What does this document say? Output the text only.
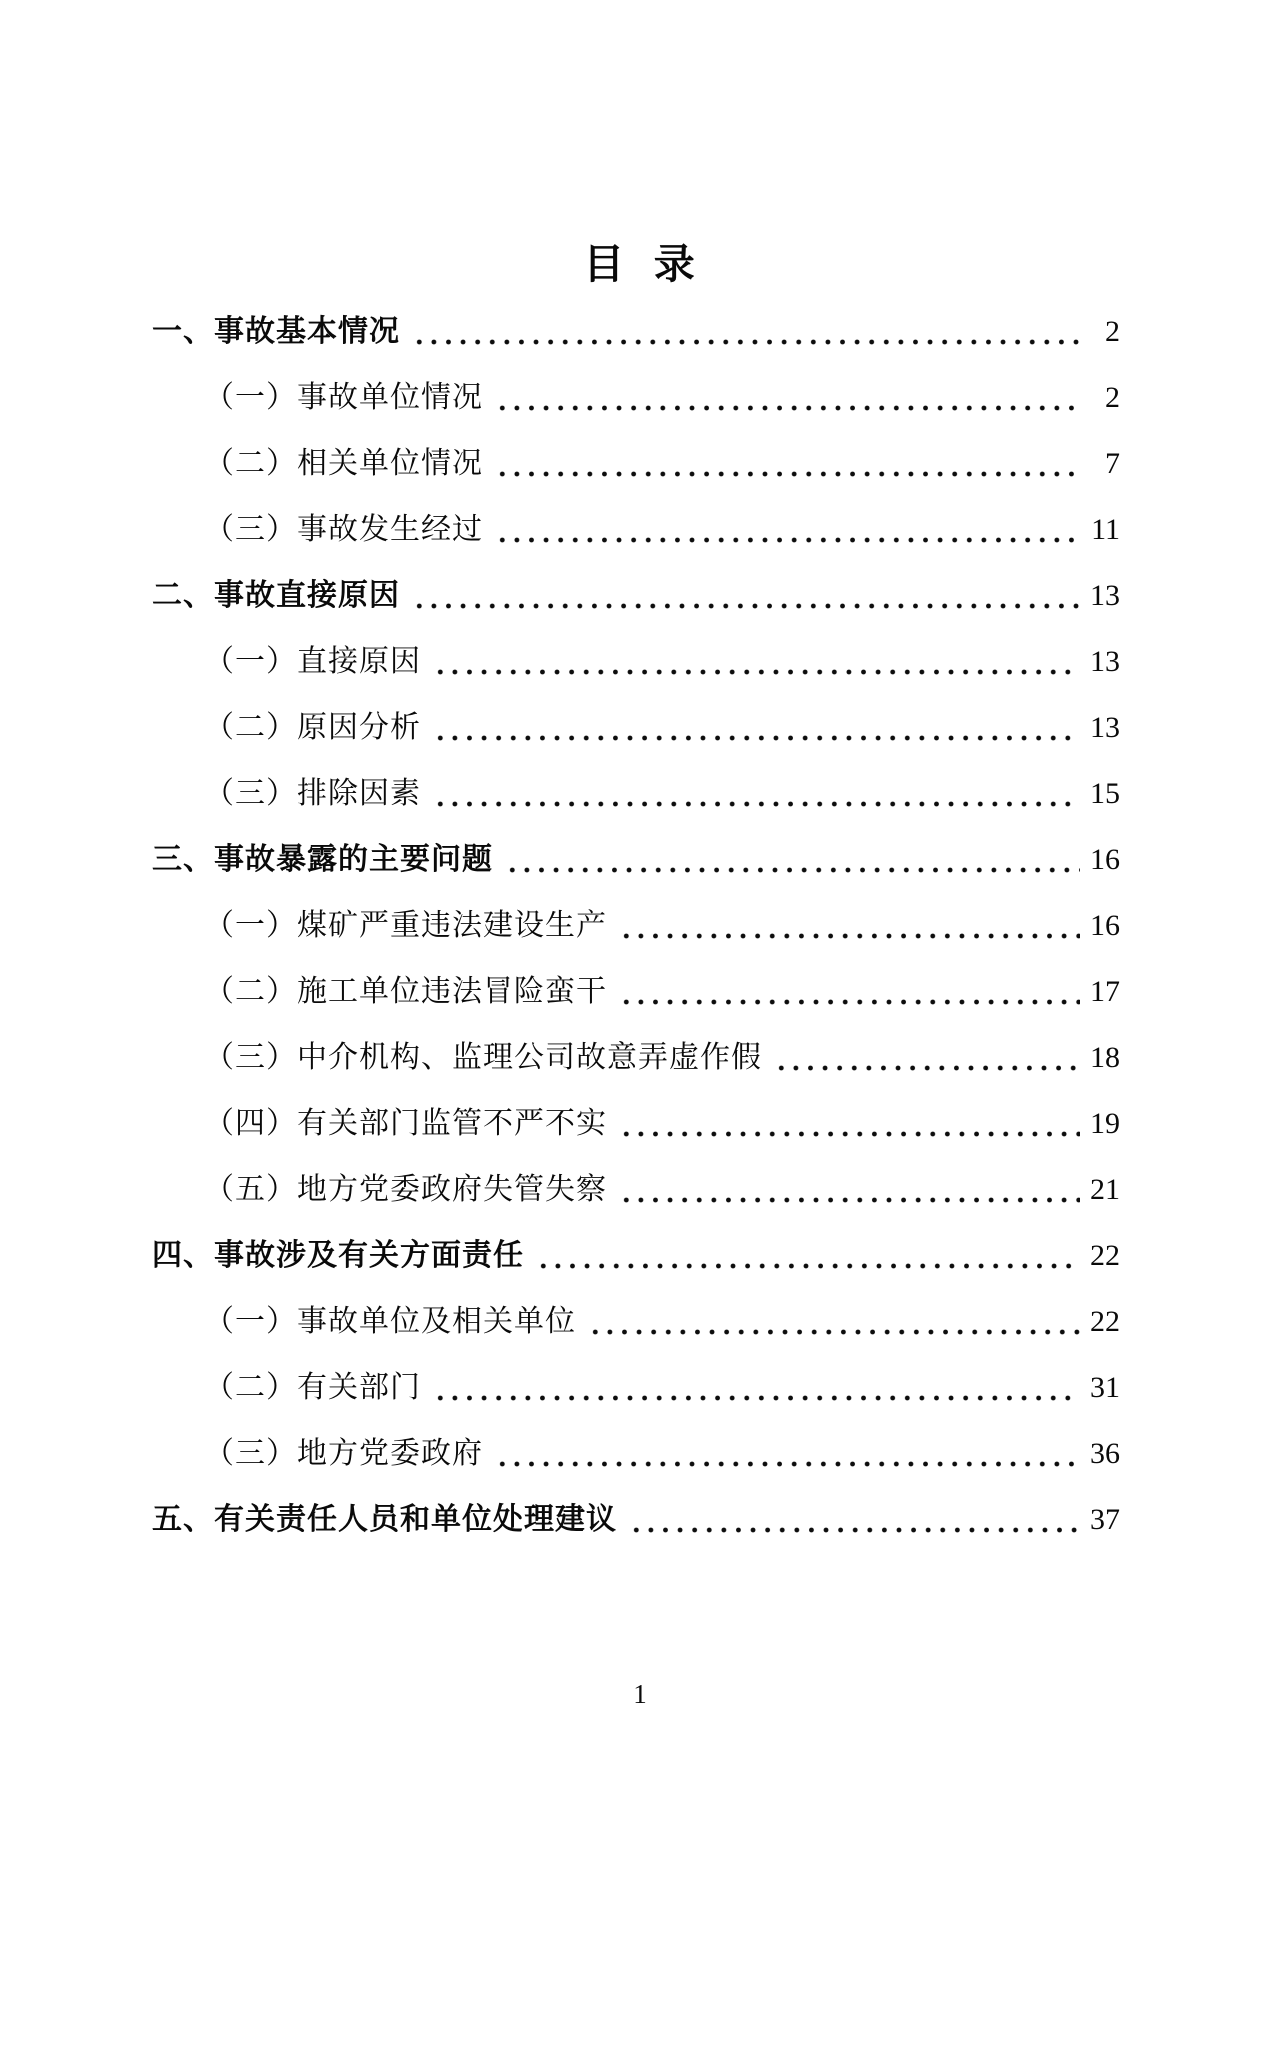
目 录
一、事故基本情况	2
（一）事故单位情况	2
（二）相关单位情况	7
（三）事故发生经过	11
二、事故直接原因	13
（一）直接原因	13
（二）原因分析	13
（三）排除因素	15
三、事故暴露的主要问题	16
（一）煤矿严重违法建设生产	16
（二）施工单位违法冒险蛮干	17
（三）中介机构、监理公司故意弄虚作假	18
（四）有关部门监管不严不实	19
（五）地方党委政府失管失察	21
四、事故涉及有关方面责任	22
（一）事故单位及相关单位	22
（二）有关部门	31
（三）地方党委政府	36
五、有关责任人员和单位处理建议	37
1
